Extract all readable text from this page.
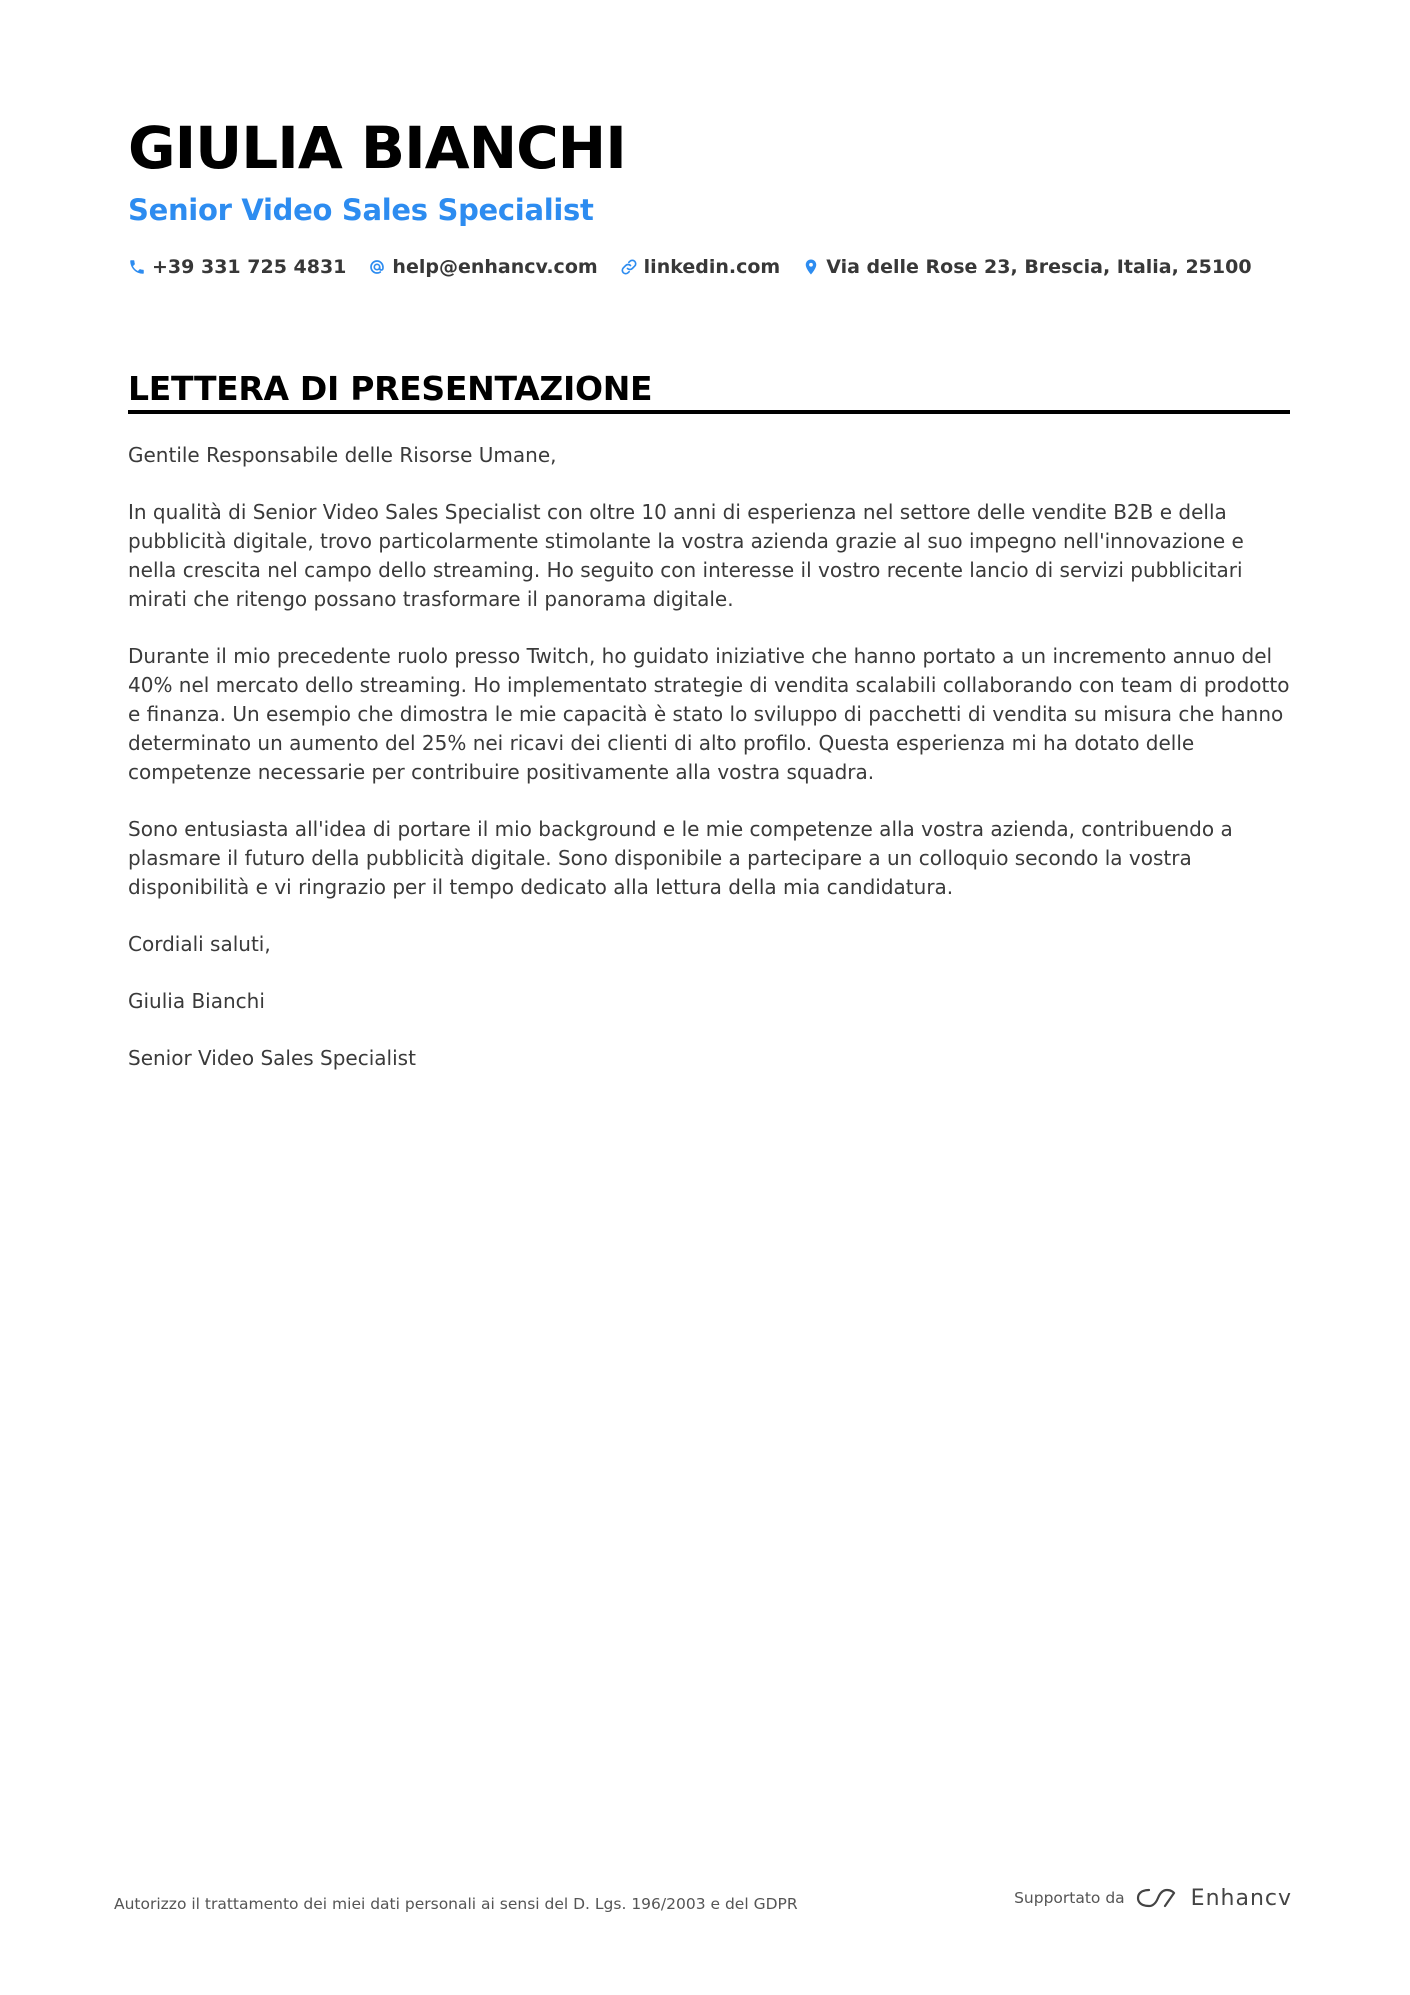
GIULIA BIANCHI
Senior Video Sales Specialist
+39 331 725 4831 help@enhancv.com linkedin.com Via delle Rose 23, Brescia, Italia, 25100
LETTERA DI PRESENTAZIONE

Gentile Responsabile delle Risorse Umane,

In qualità di Senior Video Sales Specialist con oltre 10 anni di esperienza nel settore delle vendite B2B e della pubblicità digitale, trovo particolarmente stimolante la vostra azienda grazie al suo impegno nell'innovazione e nella crescita nel campo dello streaming. Ho seguito con interesse il vostro recente lancio di servizi pubblicitari mirati che ritengo possano trasformare il panorama digitale.

Durante il mio precedente ruolo presso Twitch, ho guidato iniziative che hanno portato a un incremento annuo del 40% nel mercato dello streaming. Ho implementato strategie di vendita scalabili collaborando con team di prodotto e finanza. Un esempio che dimostra le mie capacità è stato lo sviluppo di pacchetti di vendita su misura che hanno determinato un aumento del 25% nei ricavi dei clienti di alto profilo. Questa esperienza mi ha dotato delle competenze necessarie per contribuire positivamente alla vostra squadra.

Sono entusiasta all'idea di portare il mio background e le mie competenze alla vostra azienda, contribuendo a plasmare il futuro della pubblicità digitale. Sono disponibile a partecipare a un colloquio secondo la vostra disponibilità e vi ringrazio per il tempo dedicato alla lettura della mia candidatura.

Cordiali saluti,

Giulia Bianchi

Senior Video Sales Specialist

Autorizzo il trattamento dei miei dati personali ai sensi del D. Lgs. 196/2003 e del GDPR	Supportato da	Enhancv
